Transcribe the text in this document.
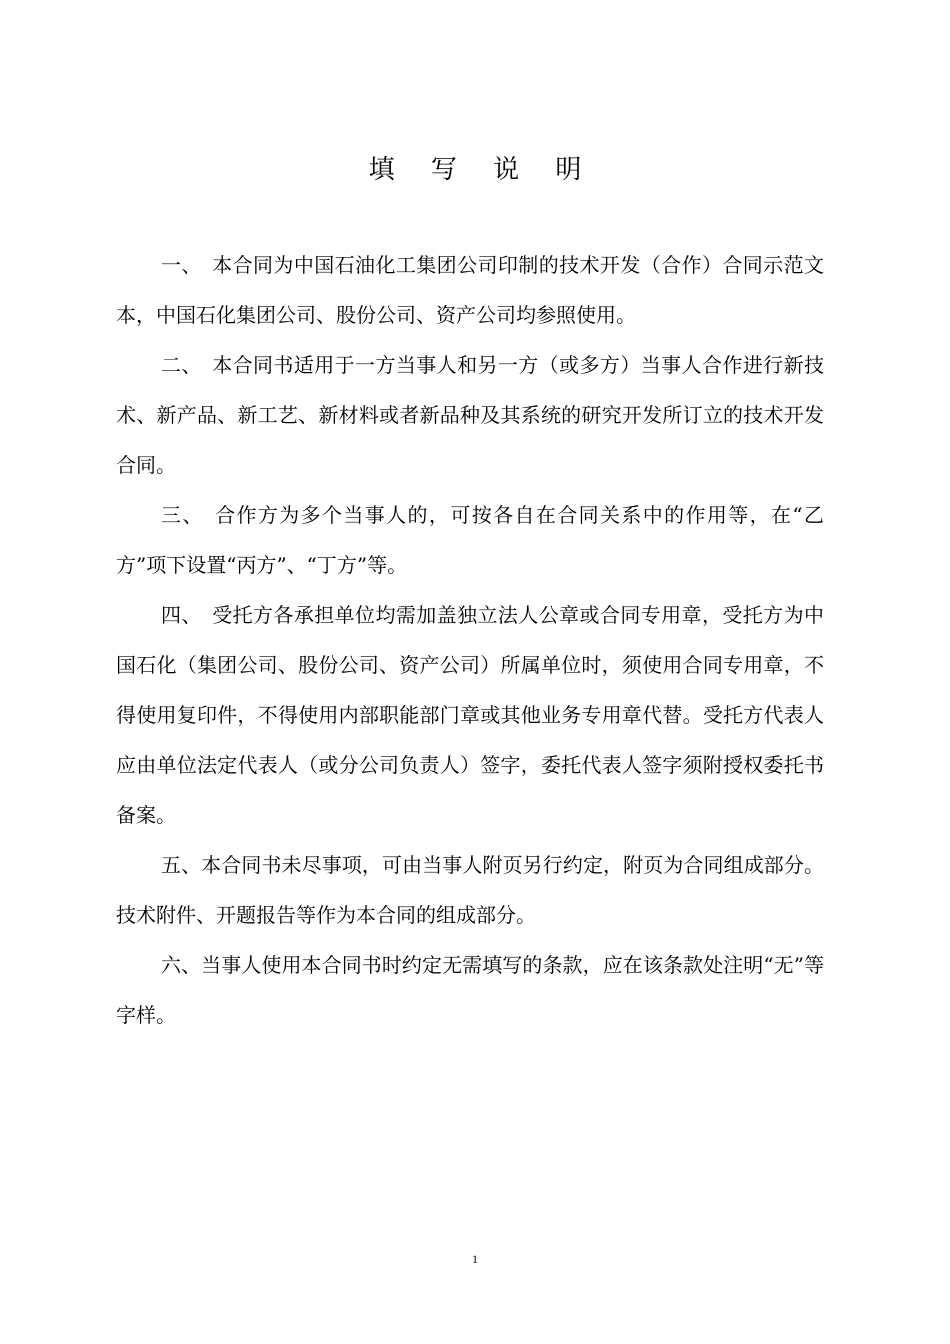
填 写 说 明

一、　本合同为中国石油化工集团公司印制的技术开发（合作）合同示范文本，中国石化集团公司、股份公司、资产公司均参照使用。

二、　本合同书适用于一方当事人和另一方（或多方）当事人合作进行新技术、新产品、新工艺、新材料或者新品种及其系统的研究开发所订立的技术开发合同。

三、　合作方为多个当事人的，可按各自在合同关系中的作用等，在“乙方”项下设置“丙方”、“丁方”等。

四、　受托方各承担单位均需加盖独立法人公章或合同专用章，受托方为中国石化（集团公司、股份公司、资产公司）所属单位时，须使用合同专用章，不得使用复印件，不得使用内部职能部门章或其他业务专用章代替。受托方代表人应由单位法定代表人（或分公司负责人）签字，委托代表人签字须附授权委托书备案。

五、本合同书未尽事项，可由当事人附页另行约定，附页为合同组成部分。技术附件、开题报告等作为本合同的组成部分。

六、当事人使用本合同书时约定无需填写的条款，应在该条款处注明“无”等字样。

1
